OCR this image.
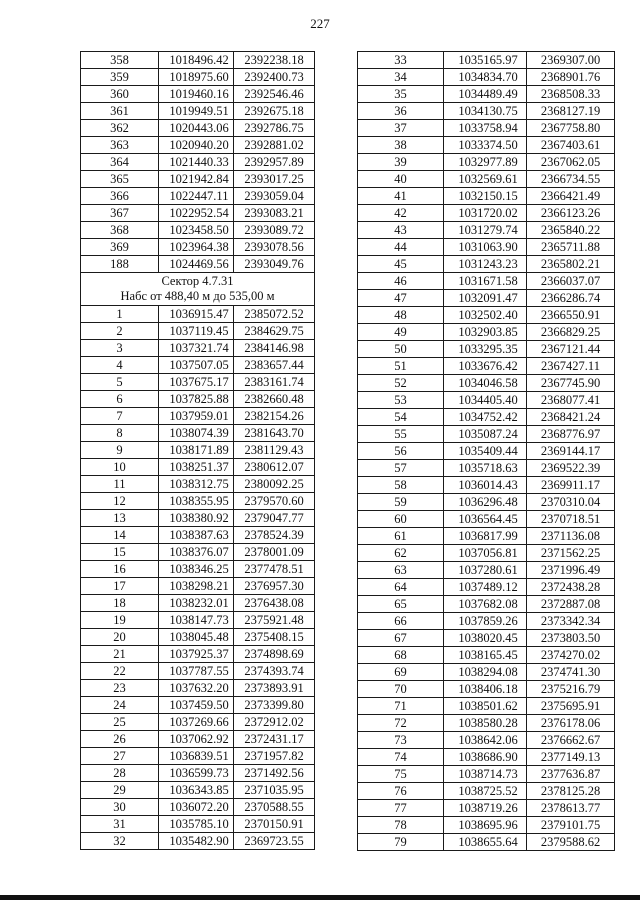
227
358	1018496.42	2392238.18
359	1018975.60	2392400.73
360	1019460.16	2392546.46
361	1019949.51	2392675.18
362	1020443.06	2392786.75
363	1020940.20	2392881.02
364	1021440.33	2392957.89
365	1021942.84	2393017.25
366	1022447.11	2393059.04
367	1022952.54	2393083.21
368	1023458.50	2393089.72
369	1023964.38	2393078.56
188	1024469.56	2393049.76

Сектор 4.7.31
Набс от 488,40 м до 535,00 м		

1	1036915.47	2385072.52
2	1037119.45	2384629.75
3	1037321.74	2384146.98
4	1037507.05	2383657.44
5	1037675.17	2383161.74
6	1037825.88	2382660.48
7	1037959.01	2382154.26
8	1038074.39	2381643.70
9	1038171.89	2381129.43
10	1038251.37	2380612.07
11	1038312.75	2380092.25
12	1038355.95	2379570.60
13	1038380.92	2379047.77
14	1038387.63	2378524.39
15	1038376.07	2378001.09
16	1038346.25	2377478.51
17	1038298.21	2376957.30
18	1038232.01	2376438.08
19	1038147.73	2375921.48
20	1038045.48	2375408.15
21	1037925.37	2374898.69
22	1037787.55	2374393.74
23	1037632.20	2373893.91
24	1037459.50	2373399.80
25	1037269.66	2372912.02
26	1037062.92	2372431.17
27	1036839.51	2371957.82
28	1036599.73	2371492.56
29	1036343.85	2371035.95
30	1036072.20	2370588.55
31	1035785.10	2370150.91
32	1035482.90	2369723.55
33	1035165.97	2369307.00
34	1034834.70	2368901.76
35	1034489.49	2368508.33
36	1034130.75	2368127.19
37	1033758.94	2367758.80
38	1033374.50	2367403.61
39	1032977.89	2367062.05
40	1032569.61	2366734.55
41	1032150.15	2366421.49
42	1031720.02	2366123.26
43	1031279.74	2365840.22
44	1031063.90	2365711.88
45	1031243.23	2365802.21
46	1031671.58	2366037.07
47	1032091.47	2366286.74
48	1032502.40	2366550.91
49	1032903.85	2366829.25
50	1033295.35	2367121.44
51	1033676.42	2367427.11
52	1034046.58	2367745.90
53	1034405.40	2368077.41
54	1034752.42	2368421.24
55	1035087.24	2368776.97
56	1035409.44	2369144.17
57	1035718.63	2369522.39
58	1036014.43	2369911.17
59	1036296.48	2370310.04
60	1036564.45	2370718.51
61	1036817.99	2371136.08
62	1037056.81	2371562.25
63	1037280.61	2371996.49
64	1037489.12	2372438.28
65	1037682.08	2372887.08
66	1037859.26	2373342.34
67	1038020.45	2373803.50
68	1038165.45	2374270.02
69	1038294.08	2374741.30
70	1038406.18	2375216.79
71	1038501.62	2375695.91
72	1038580.28	2376178.06
73	1038642.06	2376662.67
74	1038686.90	2377149.13
75	1038714.73	2377636.87
76	1038725.52	2378125.28
77	1038719.26	2378613.77
78	1038695.96	2379101.75
79	1038655.64	2379588.62
